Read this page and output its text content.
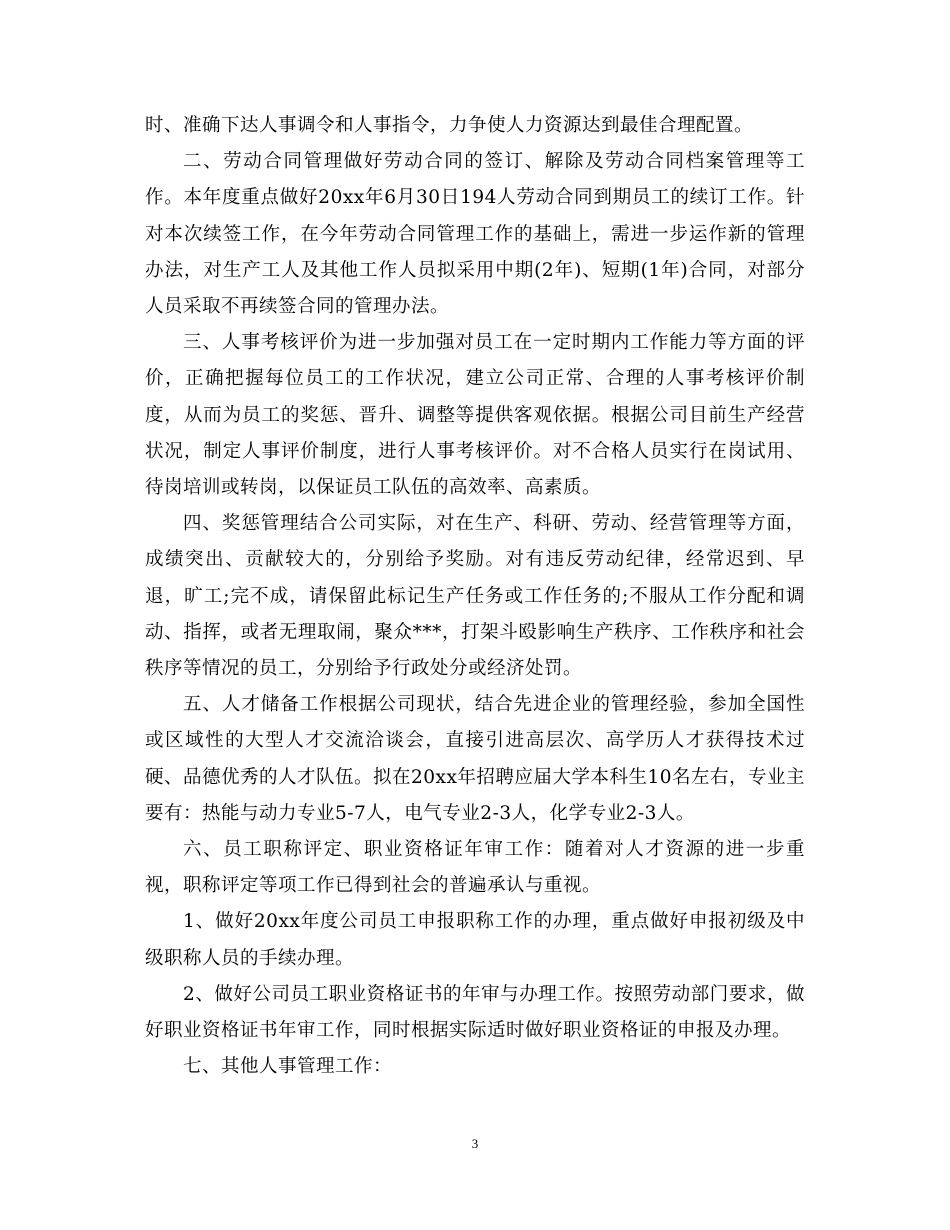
时、准确下达人事调令和人事指令，力争使人力资源达到最佳合理配置。

二、劳动合同管理做好劳动合同的签订、解除及劳动合同档案管理等工作。本年度重点做好20xx年6月30日194人劳动合同到期员工的续订工作。针对本次续签工作，在今年劳动合同管理工作的基础上，需进一步运作新的管理办法，对生产工人及其他工作人员拟采用中期(2年)、短期(1年)合同，对部分人员采取不再续签合同的管理办法。

三、人事考核评价为进一步加强对员工在一定时期内工作能力等方面的评价，正确把握每位员工的工作状况，建立公司正常、合理的人事考核评价制度，从而为员工的奖惩、晋升、调整等提供客观依据。根据公司目前生产经营状况，制定人事评价制度，进行人事考核评价。对不合格人员实行在岗试用、待岗培训或转岗，以保证员工队伍的高效率、高素质。

四、奖惩管理结合公司实际，对在生产、科研、劳动、经营管理等方面，成绩突出、贡献较大的，分别给予奖励。对有违反劳动纪律，经常迟到、早退，旷工;完不成，请保留此标记生产任务或工作任务的;不服从工作分配和调动、指挥，或者无理取闹，聚众***，打架斗殴影响生产秩序、工作秩序和社会秩序等情况的员工，分别给予行政处分或经济处罚。

五、人才储备工作根据公司现状，结合先进企业的管理经验，参加全国性或区域性的大型人才交流洽谈会，直接引进高层次、高学历人才获得技术过硬、品德优秀的人才队伍。拟在20xx年招聘应届大学本科生10名左右，专业主要有：热能与动力专业5-7人，电气专业2-3人，化学专业2-3人。

六、员工职称评定、职业资格证年审工作：随着对人才资源的进一步重视，职称评定等项工作已得到社会的普遍承认与重视。

1、做好20xx年度公司员工申报职称工作的办理，重点做好申报初级及中级职称人员的手续办理。

2、做好公司员工职业资格证书的年审与办理工作。按照劳动部门要求，做好职业资格证书年审工作，同时根据实际适时做好职业资格证的申报及办理。

七、其他人事管理工作：

3
